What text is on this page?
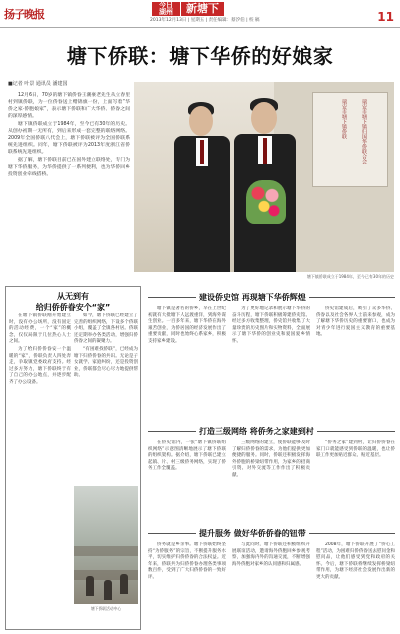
扬子晚报
今日
湖州	新塘下
2013年12月13日 | 星期五 | 责任编辑：蔡汐伯 | 校 稿	11
塘下侨联：塘下华侨的好娘家
■记者 叶景 通讯员 潘建国

12月6日，70岁的塘下镇侨眷王潮豪老先生从立春里村到镇侨联，为一位侨眷送上赠锦旗一份，上面写着“华侨之家·侨胞娘家”，表示塘下侨联和广大华侨、侨眷之间的深厚感情。

塘下镇侨联成立于1984年，至今已有30年的历史。从创办初期一无所有，到后来形成一套完整的联络网络。2009年全国侨联八代会上，塘下侨联被评为全国侨联系统先进组织。同年，塘下侨联被评为2013年度浙江省侨联系统先进组织。

据了解，塘下侨联目前已在国外建立联络处，专门为塘下华侨服务，为华侨提供了一系列便利，也为华侨回乡投资创业牵线搭桥。

瑞安市塘下镇归国华侨联合会
瑞安市塘下镇侨联
塘下镇侨联成立于1984年，至今已有30年的历史
从无到有
给归侨侨眷安个“家”

在塘下镇侨联刚开始建立时，没有办公场所，没有固定的活动经费，一个“家”的概念，仅仅局限于几位热心人士之间。

为了给归侨侨眷安一个温暖的“家”，侨联负责人四处奔走，争取镇党委政府支持。经过多方努力，塘下侨联终于有了自己的办公地点，并逐步配齐了办公设备。

如今，塘下侨联已经建立了完善的组织网络，下设多个侨联小组，覆盖了全镇各村居。侨联还定期举办各类活动，增强归侨侨眷之间的凝聚力。

“有困难找侨联”，已经成为塘下归侨侨眷的共识。无论是子女就学、家庭纠纷，还是投资创业，侨联都会尽心尽力地提供帮助。

塘下侨联活动中心
建设侨史馆 再现塘下华侨辉煌

塘下镇是著名的侨乡，早在上世纪初就有大批塘下人远渡重洋，到海外谋生创业。一百多年来，塘下华侨在海外艰苦创业，为侨居国的经济发展作出了重要贡献，同时也始终心系家乡，积极支持家乡建设。

为了更好地记录和展示塘下华侨的奋斗历程，塘下侨联积极筹建侨史馆。经过多方收集整理，侨史馆共收集了大量珍贵的历史图片和实物资料，全面展示了塘下华侨的创业史和爱国爱乡情怀。

侨史馆建成后，吸引了众多华侨、侨眷以及社会各界人士前来参观，成为了解塘下华侨历史的重要窗口，也成为对青少年进行爱国主义教育的重要基地。

打造三级网络 将侨务之家建到村

在侨史馆内，一张“塘下镇侨联组织网络”示意图清晰地展示了塘下侨联的组织架构。据介绍，塘下侨联已建立起镇、片、村三级侨务网络，实现了侨务工作全覆盖。

三级网络的建立，使侨联能够及时了解归侨侨眷的需求，为他们提供更加便捷的服务。同时，侨联还积极发挥海外侨胞的桥梁纽带作用，为家乡的招商引资、对外交流等工作作出了积极贡献。

“侨务之家”建到村，让归侨侨眷在家门口就能感受到侨联的温暖，也让侨联工作更加贴近群众、贴近基层。

提升服务 做好华侨侨眷的钮带

侨务就是乡亲事。塘下侨联始终坚持“为侨服务”的宗旨，不断提升服务水平，切实维护归侨侨眷的合法权益。近年来，侨联共为归侨侨眷办理各类事项数百件，受到了广大归侨侨眷的一致好评。

与此同时，塘下侨联还积极组织开展联谊活动，邀请海外侨胞回乡参观考察，加强海内外的沟通交流，不断增强海外侨胞对家乡的认同感和归属感。

2008年，塘下侨联开展了“侨心工程”活动，为困难归侨侨眷送去慰问金和慰问品，让他们感受到党和政府的关怀。今后，塘下侨联将继续发挥桥梁纽带作用，为塘下经济社会发展作出新的更大的贡献。
